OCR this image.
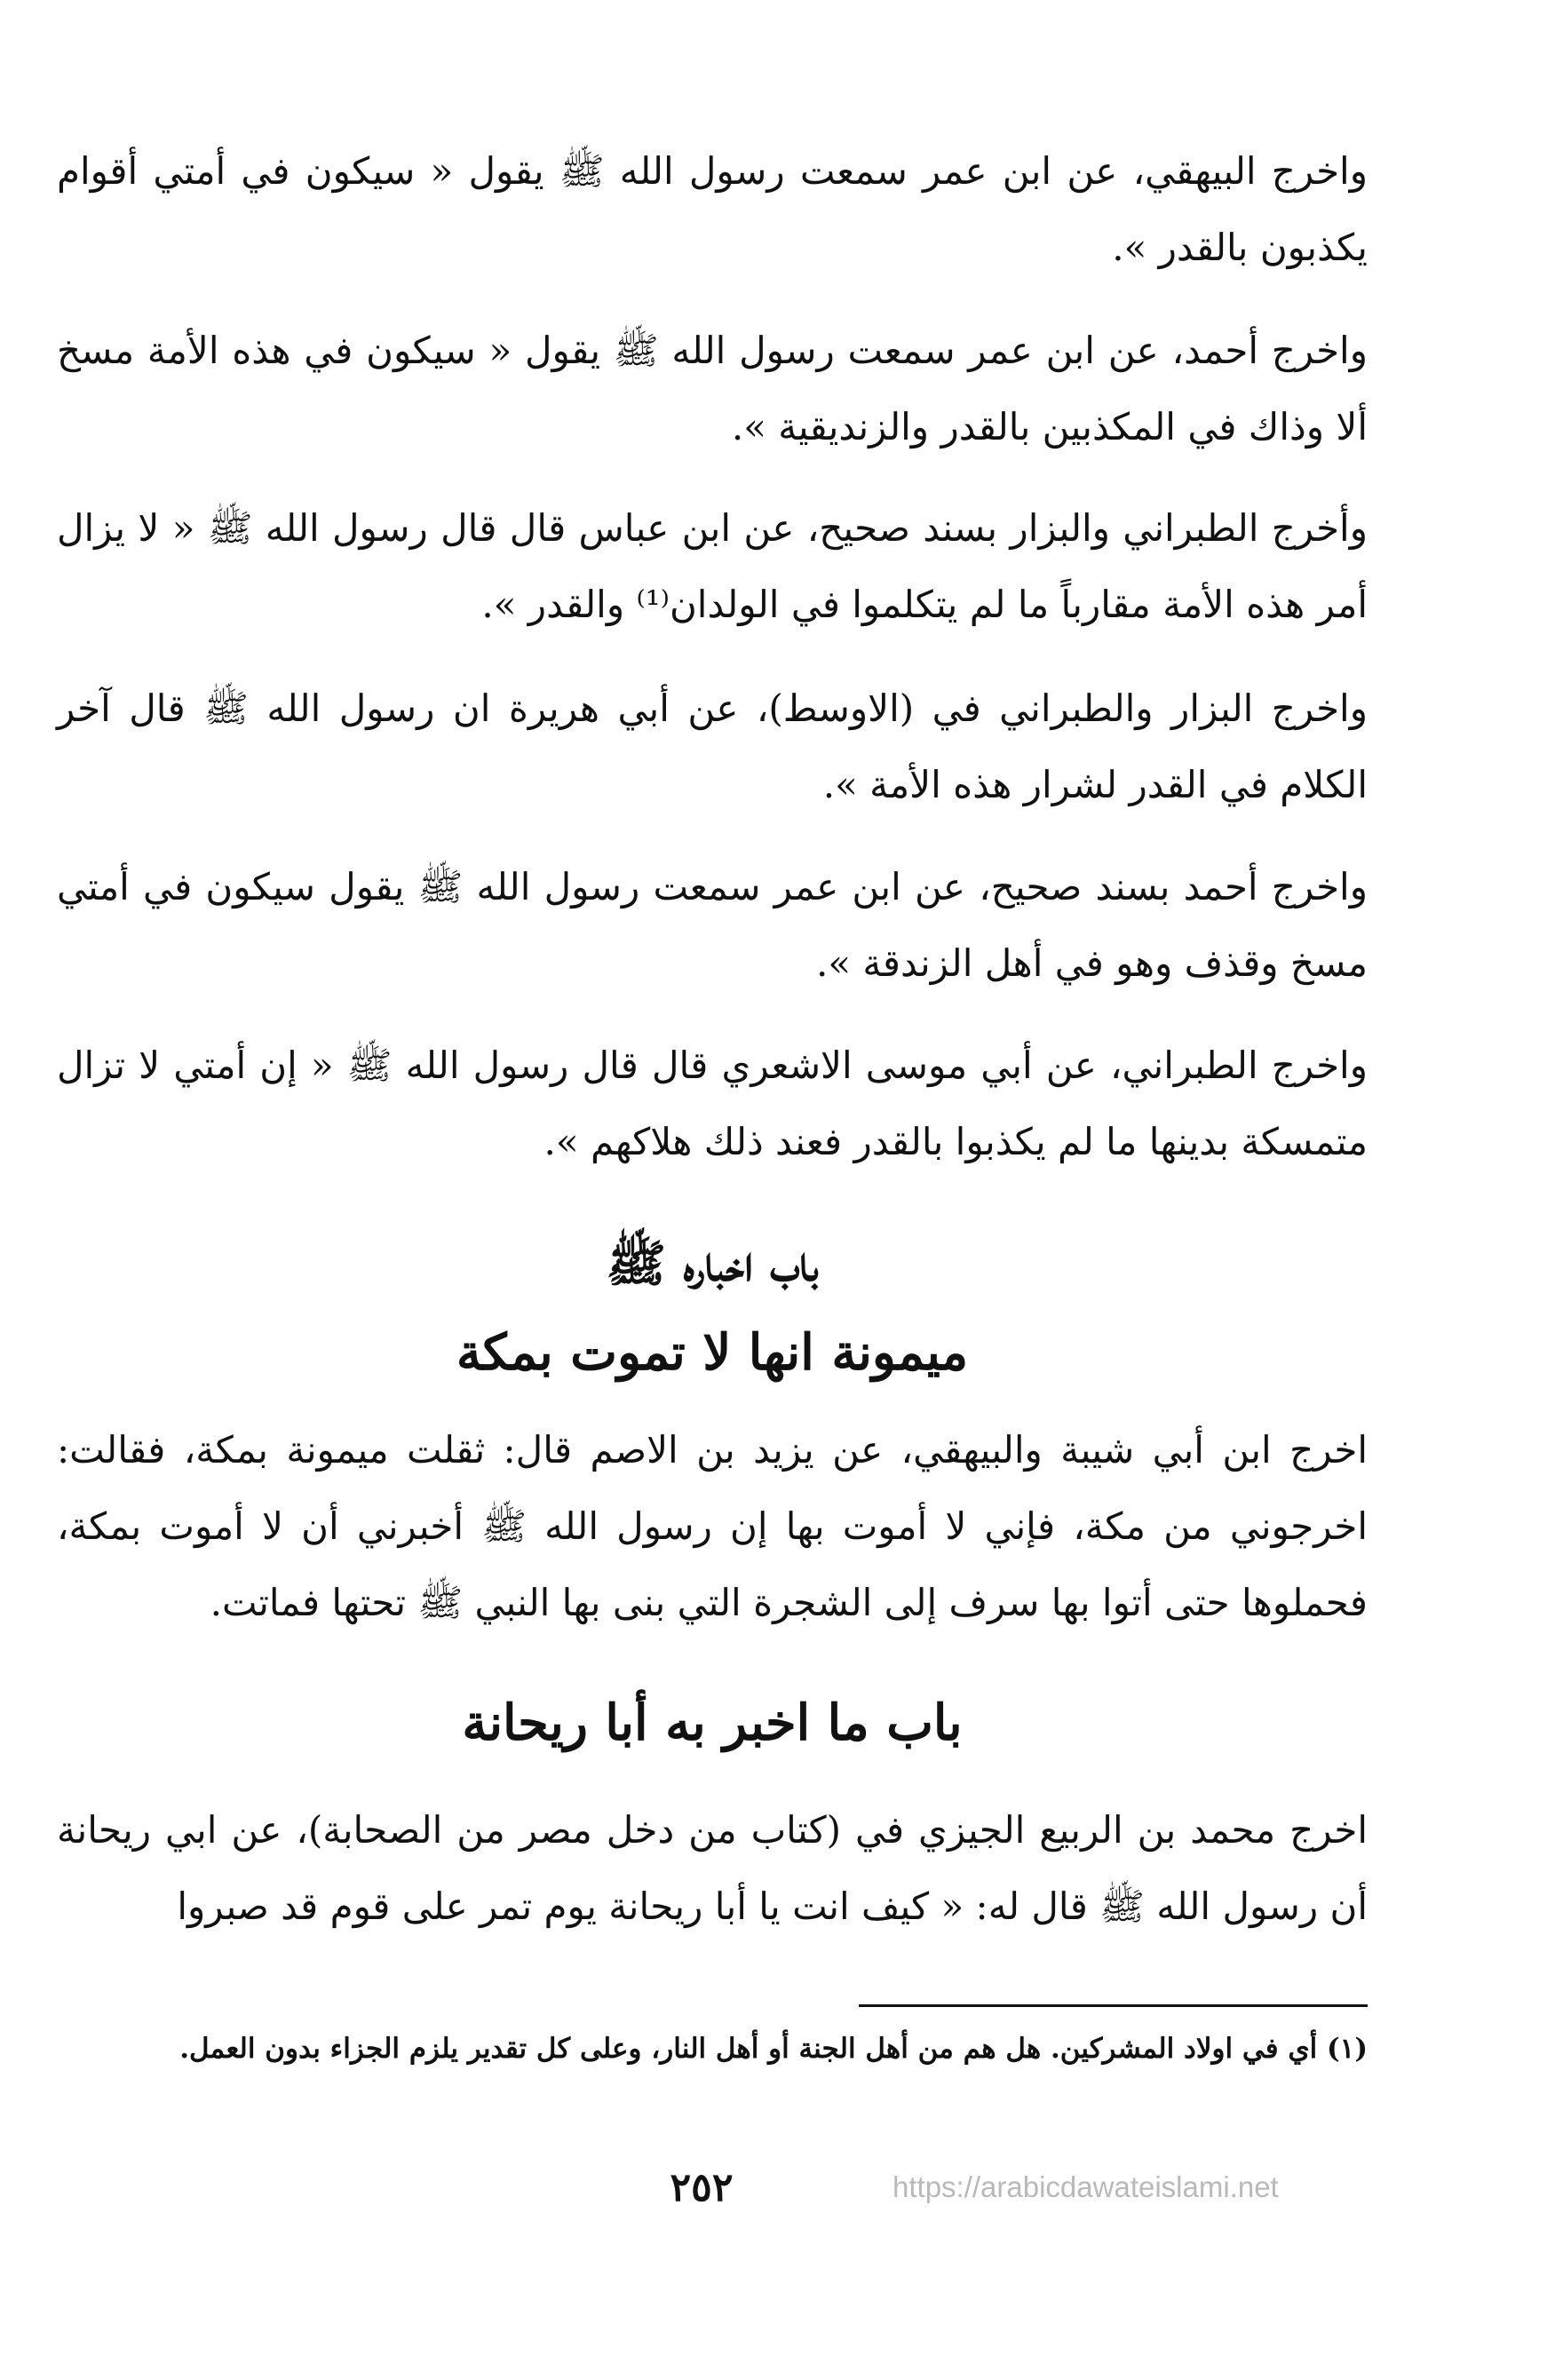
واخرج البيهقي، عن ابن عمر سمعت رسول الله ﷺ يقول « سيكون في أمتي أقوام يكذبون بالقدر ».

واخرج أحمد، عن ابن عمر سمعت رسول الله ﷺ يقول « سيكون في هذه الأمة مسخ ألا وذاك في المكذبين بالقدر والزنديقية ».

وأخرج الطبراني والبزار بسند صحيح، عن ابن عباس قال قال رسول الله ﷺ « لا يزال أمر هذه الأمة مقارباً ما لم يتكلموا في الولدان⁽¹⁾ والقدر ».

واخرج البزار والطبراني في (الاوسط)، عن أبي هريرة ان رسول الله ﷺ قال آخر الكلام في القدر لشرار هذه الأمة ».

واخرج أحمد بسند صحيح، عن ابن عمر سمعت رسول الله ﷺ يقول سيكون في أمتي مسخ وقذف وهو في أهل الزندقة ».

واخرج الطبراني، عن أبي موسى الاشعري قال قال رسول الله ﷺ « إن أمتي لا تزال متمسكة بدينها ما لم يكذبوا بالقدر فعند ذلك هلاكهم ».

باب اخباره ﷺ
ميمونة انها لا تموت بمكة

اخرج ابن أبي شيبة والبيهقي، عن يزيد بن الاصم قال: ثقلت ميمونة بمكة، فقالت: اخرجوني من مكة، فإني لا أموت بها إن رسول الله ﷺ أخبرني أن لا أموت بمكة، فحملوها حتى أتوا بها سرف إلى الشجرة التي بنى بها النبي ﷺ تحتها فماتت.

باب ما اخبر به أبا ريحانة

اخرج محمد بن الربيع الجيزي في (كتاب من دخل مصر من الصحابة)، عن ابي ريحانة أن رسول الله ﷺ قال له: « كيف انت يا أبا ريحانة يوم تمر على قوم قد صبروا

(١) أي في اولاد المشركين. هل هم من أهل الجنة أو أهل النار، وعلى كل تقدير يلزم الجزاء بدون العمل.

٢٥٢	https://arabicdawateislami.net
